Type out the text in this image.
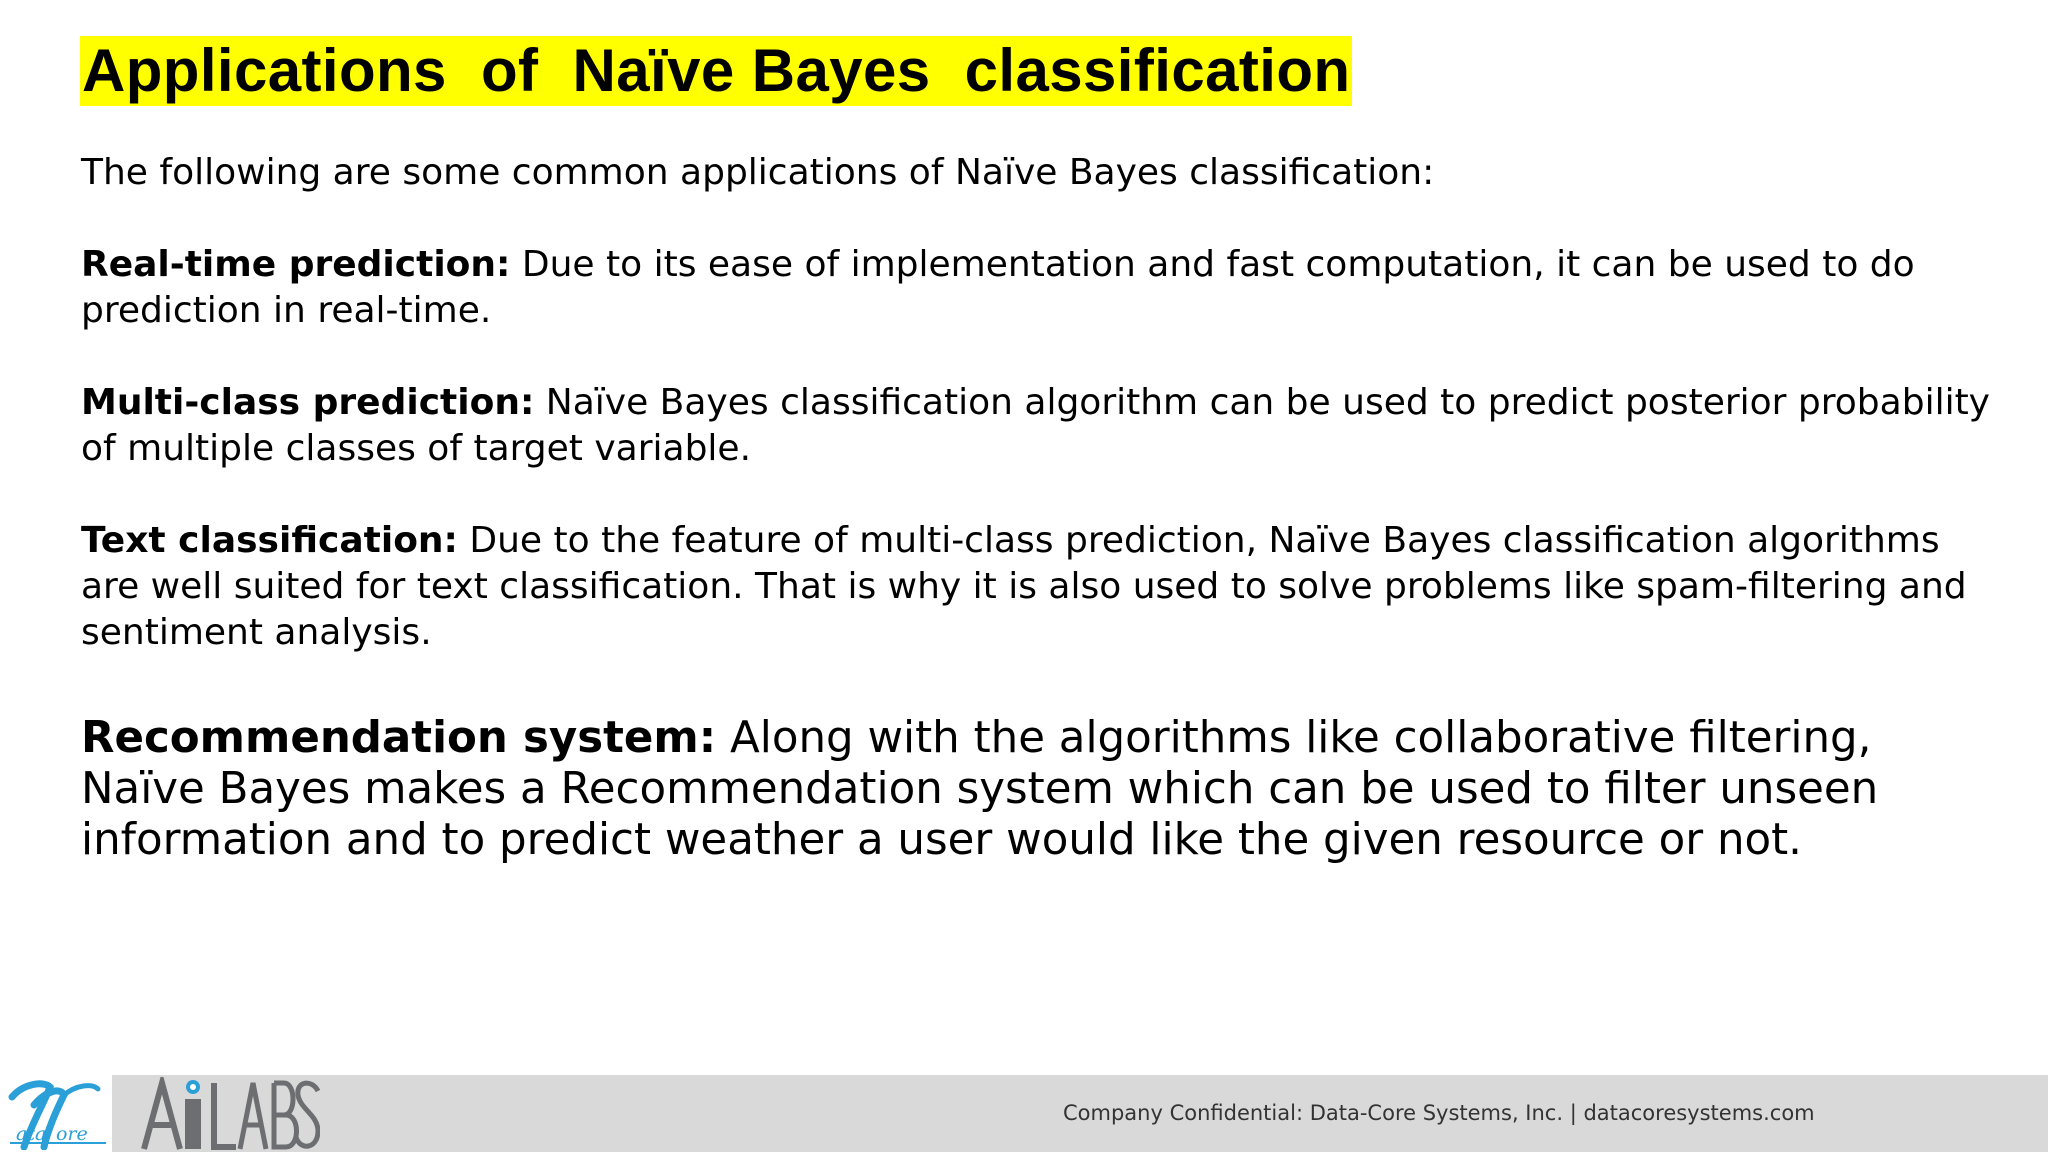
Applications  of  Naïve Bayes  classification

The following are some common applications of Naïve Bayes classification:

Real-time prediction: Due to its ease of implementation and fast computation, it can be used to do prediction in real-time.

Multi-class prediction: Naïve Bayes classification algorithm can be used to predict posterior probability of multiple classes of target variable.

Text classification: Due to the feature of multi-class prediction, Naïve Bayes classification algorithms are well suited for text classification. That is why it is also used to solve problems like spam-filtering and sentiment analysis.

Recommendation system: Along with the algorithms like collaborative filtering, Naïve Bayes makes a Recommendation system which can be used to filter unseen information and to predict weather a user would like the given resource or not.

ata ore
Company Confidential: Data-Core Systems, Inc. | datacoresystems.com
